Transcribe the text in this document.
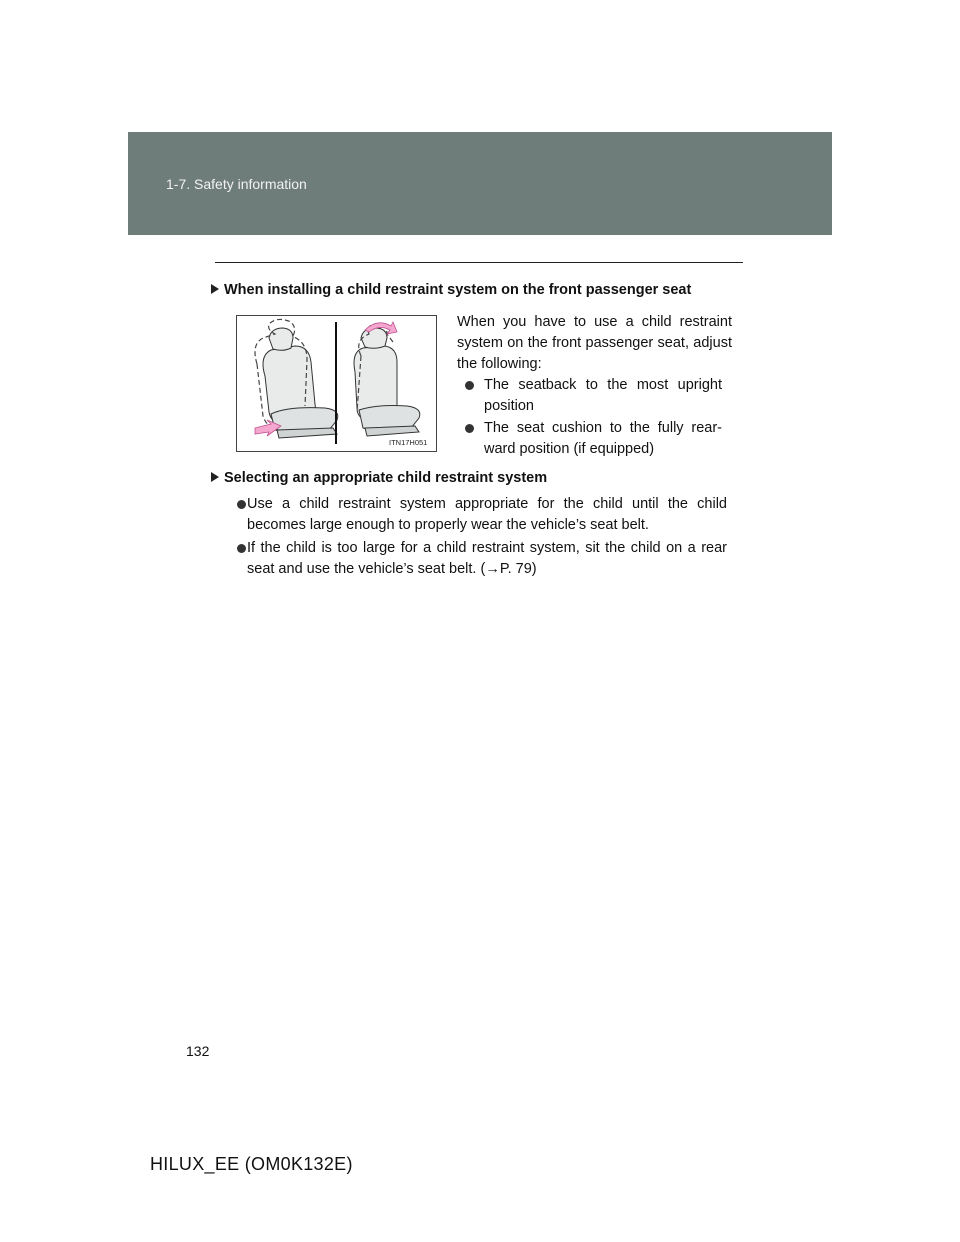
1-7. Safety information
When installing a child restraint system on the front passenger seat
ITN17H051
When you have to use a child restraint system on the front passenger seat, adjust the following:
The seatback to the most upright position
The seat cushion to the fully rear-ward position (if equipped)
Selecting an appropriate child restraint system
Use a child restraint system appropriate for the child until the child becomes large enough to properly wear the vehicle’s seat belt.
If the child is too large for a child restraint system, sit the child on a rear seat and use the vehicle’s seat belt. (→P. 79)
132
HILUX_EE (OM0K132E)
